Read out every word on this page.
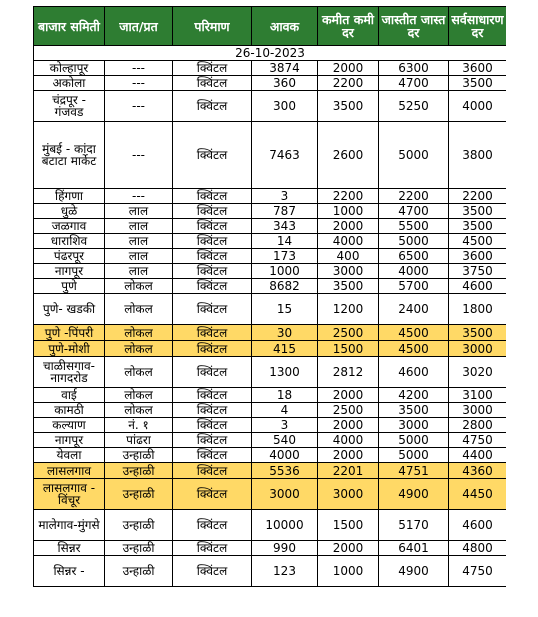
बाजार समिती	जात/प्रत	परिमाण	आवक	कमीत कमी दर	जास्तीत जास्त दर	सर्वसाधारण दर
26-10-2023						
कोल्हापूर	---	क्विंटल	3874	2000	6300	3600
अकोला	---	क्विंटल	360	2200	4700	3500
चंद्रपूर - गंजवड	---	क्विंटल	300	3500	5250	4000
मुंबई - कांदा बटाटा मार्केट	---	क्विंटल	7463	2600	5000	3800
हिंगणा	---	क्विंटल	3	2200	2200	2200
धुळे	लाल	क्विंटल	787	1000	4700	3500
जळगाव	लाल	क्विंटल	343	2000	5500	3500
धाराशिव	लाल	क्विंटल	14	4000	5000	4500
पंढरपूर	लाल	क्विंटल	173	400	6500	3600
नागपूर	लाल	क्विंटल	1000	3000	4000	3750
पुणे	लोकल	क्विंटल	8682	3500	5700	4600
पुणे- खडकी	लोकल	क्विंटल	15	1200	2400	1800
पुणे -पिंपरी	लोकल	क्विंटल	30	2500	4500	3500
पुणे-मोशी	लोकल	क्विंटल	415	1500	4500	3000
चाळीसगाव-नागदरोड	लोकल	क्विंटल	1300	2812	4600	3020
वाई	लोकल	क्विंटल	18	2000	4200	3100
कामठी	लोकल	क्विंटल	4	2500	3500	3000
कल्याण	नं. १	क्विंटल	3	2000	3000	2800
नागपूर	पांढरा	क्विंटल	540	4000	5000	4750
येवला	उन्हाळी	क्विंटल	4000	2000	5000	4400
लासलगाव	उन्हाळी	क्विंटल	5536	2201	4751	4360
लासलगाव - विंचूर	उन्हाळी	क्विंटल	3000	3000	4900	4450
मालेगाव-मुंगसे	उन्हाळी	क्विंटल	10000	1500	5170	4600
सिन्नर	उन्हाळी	क्विंटल	990	2000	6401	4800
सिन्नर -	उन्हाळी	क्विंटल	123	1000	4900	4750
